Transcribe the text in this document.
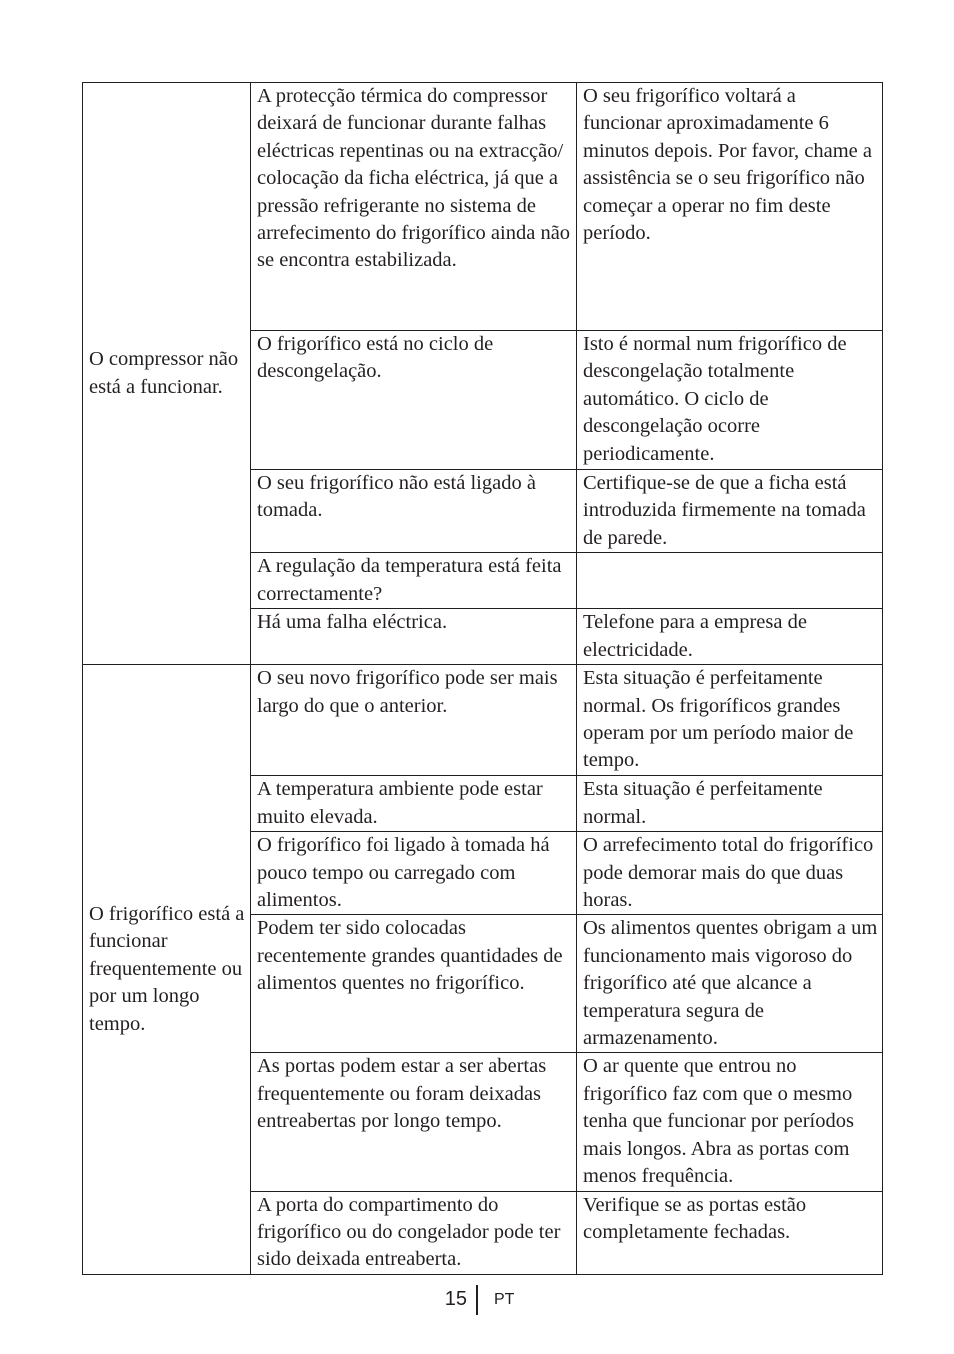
O compressor não está a funcionar.	A protecção térmica do compressor deixará de funcionar durante falhas eléctricas repentinas ou na extracção/ colocação da ficha eléctrica, já que a pressão refrigerante no sistema de arrefecimento do frigorífico ainda não se encontra estabilizada.	O seu frigorífico voltará a funcionar aproximadamente 6 minutos depois. Por favor, chame a assistência se o seu frigorífico não começar a operar no fim deste período.

	O frigorífico está no ciclo de descongelação.	Isto é normal num frigorífico de descongelação totalmente automático. O ciclo de descongelação ocorre periodicamente.

	O seu frigorífico não está ligado à tomada.	Certifique-se de que a ficha está introduzida firmemente na tomada de parede.

	A regulação da temperatura está feita correctamente?	

	Há uma falha eléctrica.	Telefone para a empresa de electricidade.

O frigorífico está a funcionar frequentemente ou por um longo tempo.	O seu novo frigorífico pode ser mais largo do que o anterior.	Esta situação é perfeitamente normal. Os frigoríficos grandes operam por um período maior de tempo.

	A temperatura ambiente pode estar muito elevada.	Esta situação é perfeitamente normal.

	O frigorífico foi ligado à tomada há pouco tempo ou carregado com alimentos.	O arrefecimento total do frigorífico pode demorar mais do que duas horas.

	Podem ter sido colocadas recentemente grandes quantidades de alimentos quentes no frigorífico.	Os alimentos quentes obrigam a um funcionamento mais vigoroso do frigorífico até que alcance a temperatura segura de armazenamento.

	As portas podem estar a ser abertas frequentemente ou foram deixadas entreabertas por longo tempo.	O ar quente que entrou no frigorífico faz com que o mesmo tenha que funcionar por períodos mais longos. Abra as portas com menos frequência.

	A porta do compartimento do frigorífico ou do congelador pode ter sido deixada entreaberta.	Verifique se as portas estão completamente fechadas.
15 PT
